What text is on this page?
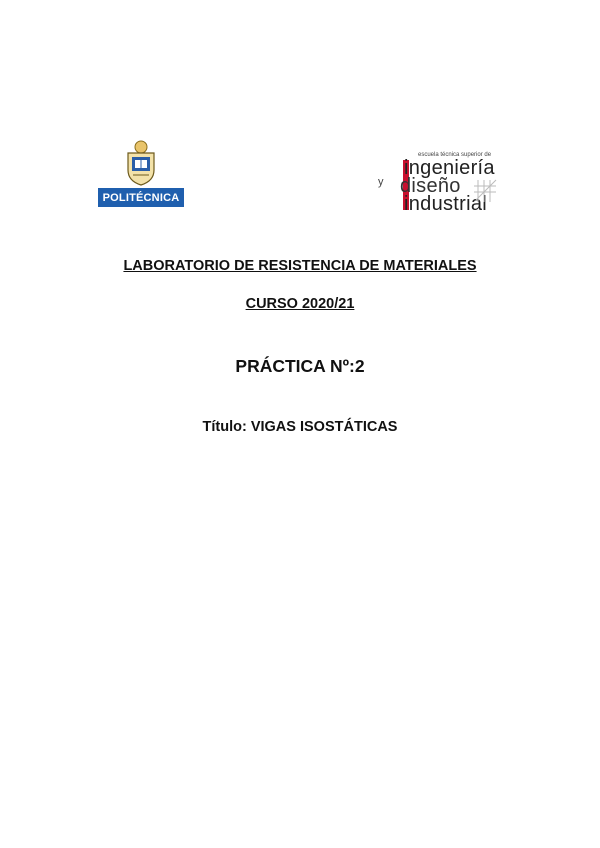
POLITÉCNICA
y
escuela técnica superior de
ingeniería
diseño
industrial
LABORATORIO DE RESISTENCIA DE MATERIALES
CURSO 2020/21
PRÁCTICA Nº:2
Título: VIGAS ISOSTÁTICAS
